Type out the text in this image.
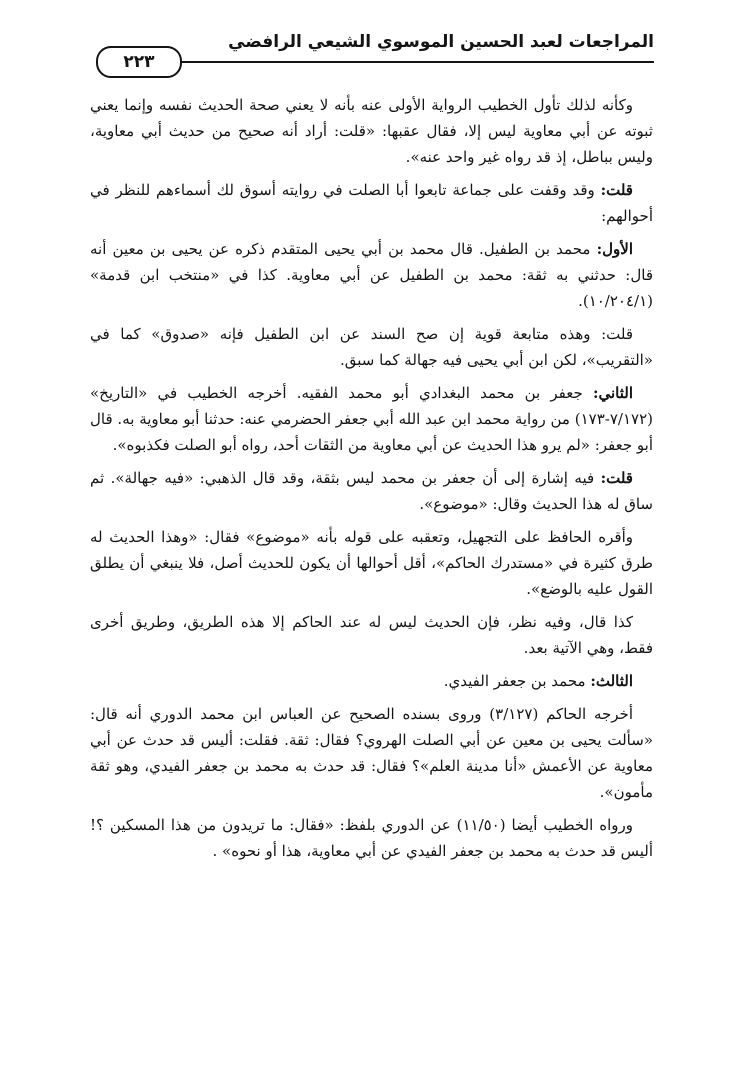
المراجعات لعبد الحسين الموسوي الشيعي الرافضي
٢٢٣

وكأنه لذلك تأول الخطيب الرواية الأولى عنه بأنه لا يعني صحة الحديث نفسه وإنما يعني ثبوته عن أبي معاوية ليس إلا، فقال عقبها: «قلت: أراد أنه صحيح من حديث أبي معاوية، وليس بباطل، إذ قد رواه غير واحد عنه».

قلت: وقد وقفت على جماعة تابعوا أبا الصلت في روايته أسوق لك أسماءهم للنظر في أحوالهم:

الأول: محمد بن الطفيل. قال محمد بن أبي يحيى المتقدم ذكره عن يحيى بن معين أنه قال: حدثني به ثقة: محمد بن الطفيل عن أبي معاوية. كذا في «منتخب ابن قدمة» (١٠/٢٠٤/١).

قلت: وهذه متابعة قوية إن صح السند عن ابن الطفيل فإنه «صدوق» كما في «التقريب»، لكن ابن أبي يحيى فيه جهالة كما سبق.

الثاني: جعفر بن محمد البغدادي أبو محمد الفقيه. أخرجه الخطيب في «التاريخ» (٧/١٧٢-١٧٣) من رواية محمد ابن عبد الله أبي جعفر الحضرمي عنه: حدثنا أبو معاوية به. قال أبو جعفر: «لم يرو هذا الحديث عن أبي معاوية من الثقات أحد، رواه أبو الصلت فكذبوه».

قلت: فيه إشارة إلى أن جعفر بن محمد ليس بثقة، وقد قال الذهبي: «فيه جهالة». ثم ساق له هذا الحديث وقال: «موضوع».

وأقره الحافظ على التجهيل، وتعقبه على قوله بأنه «موضوع» فقال: «وهذا الحديث له طرق كثيرة في «مستدرك الحاكم»، أقل أحوالها أن يكون للحديث أصل، فلا ينبغي أن يطلق القول عليه بالوضع».

كذا قال، وفيه نظر، فإن الحديث ليس له عند الحاكم إلا هذه الطريق، وطريق أخرى فقط، وهي الآتية بعد.

الثالث: محمد بن جعفر الفيدي.

أخرجه الحاكم (٣/١٢٧) وروى بسنده الصحيح عن العباس ابن محمد الدوري أنه قال: «سألت يحيى بن معين عن أبي الصلت الهروي؟ فقال: ثقة. فقلت: أليس قد حدث عن أبي معاوية عن الأعمش «أنا مدينة العلم»؟ فقال: قد حدث به محمد بن جعفر الفيدي، وهو ثقة مأمون».

ورواه الخطيب أيضا (١١/٥٠) عن الدوري بلفظ: «فقال: ما تريدون من هذا المسكين ؟! أليس قد حدث به محمد بن جعفر الفيدي عن أبي معاوية، هذا أو نحوه» .
